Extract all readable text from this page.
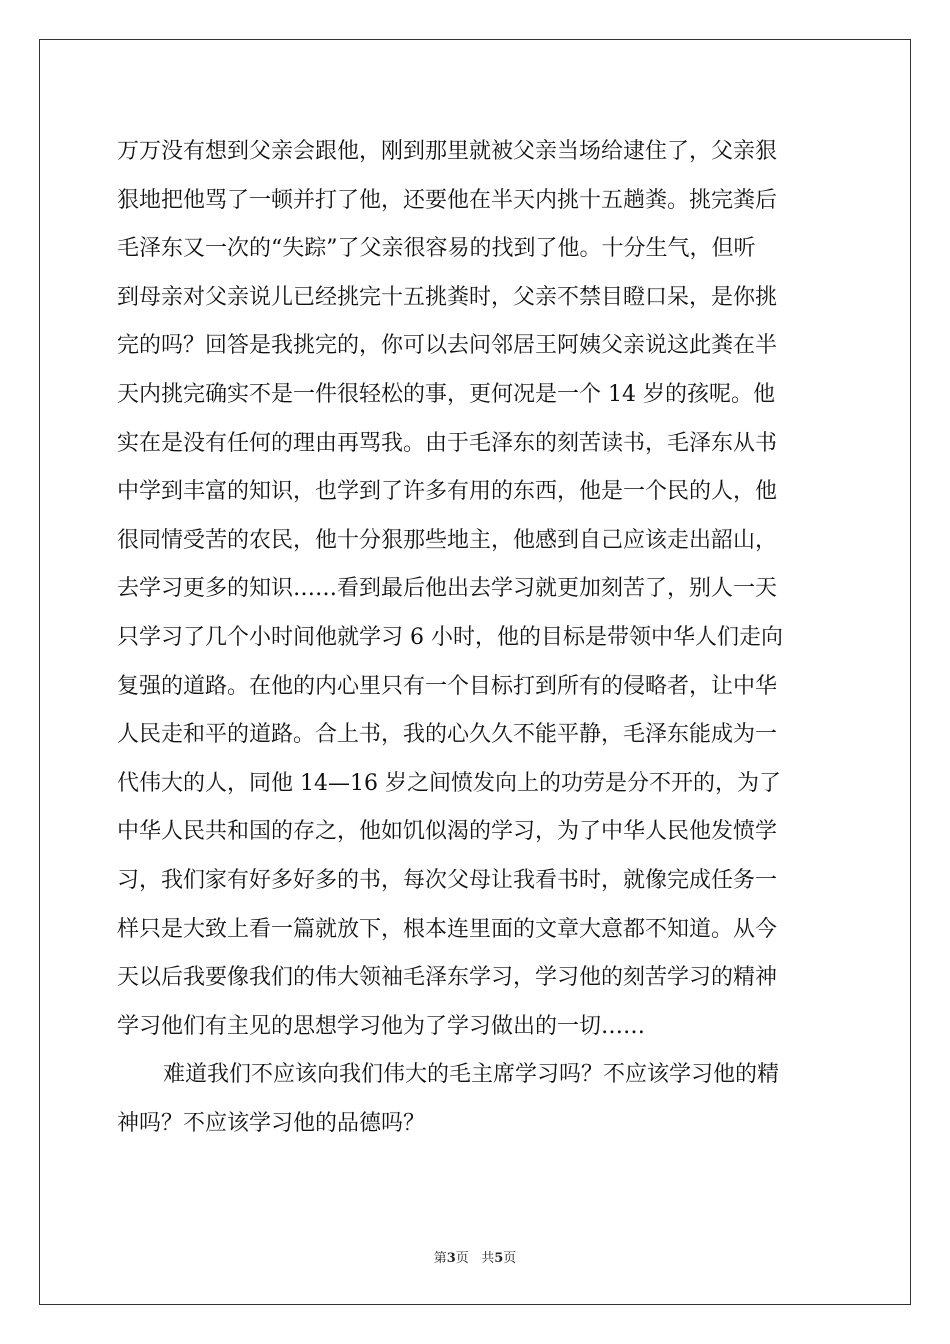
万万没有想到父亲会跟他，刚到那里就被父亲当场给逮住了，父亲狠
狠地把他骂了一顿并打了他，还要他在半天内挑十五趟粪。挑完粪后
毛泽东又一次的“失踪”了父亲很容易的找到了他。十分生气，但听
到母亲对父亲说儿已经挑完十五挑粪时，父亲不禁目瞪口呆，是你挑
完的吗？回答是我挑完的，你可以去问邻居王阿姨父亲说这此粪在半
天内挑完确实不是一件很轻松的事，更何况是一个 14 岁的孩呢。他
实在是没有任何的理由再骂我。由于毛泽东的刻苦读书，毛泽东从书
中学到丰富的知识，也学到了许多有用的东西，他是一个民的人，他
很同情受苦的农民，他十分狠那些地主，他感到自己应该走出韶山，
去学习更多的知识……看到最后他出去学习就更加刻苦了，别人一天
只学习了几个小时间他就学习 6 小时，他的目标是带领中华人们走向
复强的道路。在他的内心里只有一个目标打到所有的侵略者，让中华
人民走和平的道路。合上书，我的心久久不能平静，毛泽东能成为一
代伟大的人，同他 14—16 岁之间愤发向上的功劳是分不开的，为了
中华人民共和国的存之，他如饥似渴的学习，为了中华人民他发愤学
习，我们家有好多好多的书，每次父母让我看书时，就像完成任务一
样只是大致上看一篇就放下，根本连里面的文章大意都不知道。从今
天以后我要像我们的伟大领袖毛泽东学习，学习他的刻苦学习的精神
学习他们有主见的思想学习他为了学习做出的一切……
难道我们不应该向我们伟大的毛主席学习吗？不应该学习他的精
神吗？不应该学习他的品德吗？
第3页 共5页
